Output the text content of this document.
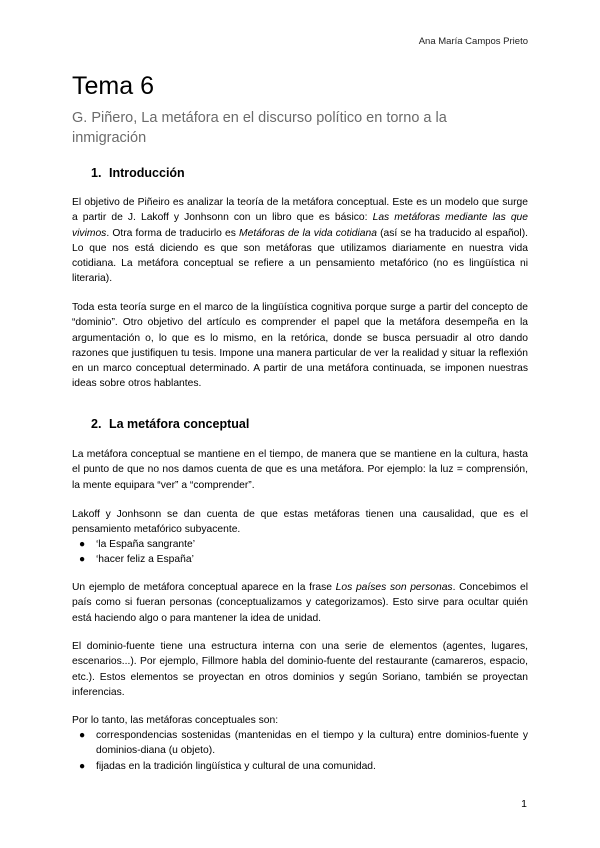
Ana María Campos Prieto
Tema 6

G. Piñero, La metáfora en el discurso político en torno a la inmigración

1. Introducción

El objetivo de Piñeiro es analizar la teoría de la metáfora conceptual. Este es un modelo que surge a partir de J. Lakoff y Jonhsonn con un libro que es básico: Las metáforas mediante las que vivimos. Otra forma de traducirlo es Metáforas de la vida cotidiana (así se ha traducido al español). Lo que nos está diciendo es que son metáforas que utilizamos diariamente en nuestra vida cotidiana. La metáfora conceptual se refiere a un pensamiento metafórico (no es lingüística ni literaria).

Toda esta teoría surge en el marco de la lingüística cognitiva porque surge a partir del concepto de “dominio”. Otro objetivo del artículo es comprender el papel que la metáfora desempeña en la argumentación o, lo que es lo mismo, en la retórica, donde se busca persuadir al otro dando razones que justifiquen tu tesis. Impone una manera particular de ver la realidad y situar la reflexión en un marco conceptual determinado. A partir de una metáfora continuada, se imponen nuestras ideas sobre otros hablantes.

2. La metáfora conceptual

La metáfora conceptual se mantiene en el tiempo, de manera que se mantiene en la cultura, hasta el punto de que no nos damos cuenta de que es una metáfora. Por ejemplo: la luz = comprensión, la mente equipara “ver” a “comprender”.

Lakoff y Jonhsonn se dan cuenta de que estas metáforas tienen una causalidad, que es el pensamiento metafórico subyacente.

● ‘la España sangrante’
● ‘hacer feliz a España’

Un ejemplo de metáfora conceptual aparece en la frase Los países son personas. Concebimos el país como si fueran personas (conceptualizamos y categorizamos). Esto sirve para ocultar quién está haciendo algo o para mantener la idea de unidad.

El dominio-fuente tiene una estructura interna con una serie de elementos (agentes, lugares, escenarios...). Por ejemplo, Fillmore habla del dominio-fuente del restaurante (camareros, espacio, etc.). Estos elementos se proyectan en otros dominios y según Soriano, también se proyectan inferencias.

Por lo tanto, las metáforas conceptuales son:

● correspondencias sostenidas (mantenidas en el tiempo y la cultura) entre dominios-fuente y dominios-diana (u objeto).
● fijadas en la tradición lingüística y cultural de una comunidad.
1
